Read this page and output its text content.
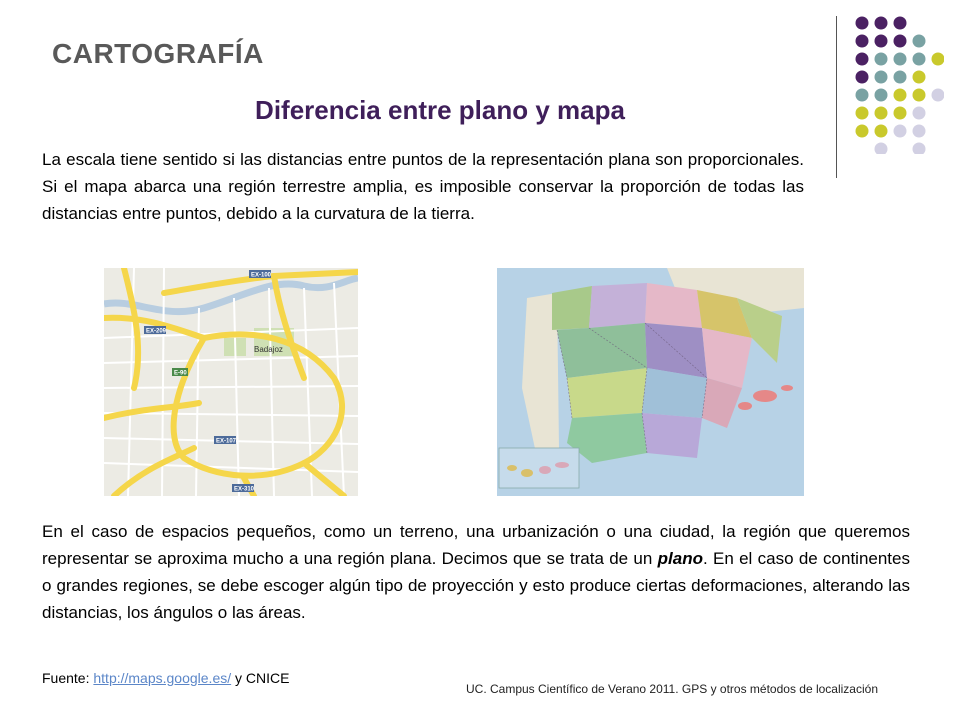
CARTOGRAFÍA
Diferencia entre plano y mapa
La escala tiene sentido si las distancias entre puntos de la representación plana son proporcionales. Si el mapa abarca una región terrestre amplia, es imposible conservar la proporción de todas las distancias entre puntos, debido a la curvatura de la tierra.
EX-100
E-90
EX-107
EX-310
EX-209
Badajoz
En el caso de espacios pequeños, como un terreno, una urbanización o una ciudad, la región que queremos representar se aproxima mucho a una región plana. Decimos que se trata de un plano. En el caso de continentes o grandes regiones, se debe escoger algún tipo de proyección y esto produce ciertas deformaciones, alterando las distancias, los ángulos o las áreas.
Fuente: http://maps.google.es/ y CNICE
UC. Campus Científico de Verano 2011. GPS y otros métodos de localización
